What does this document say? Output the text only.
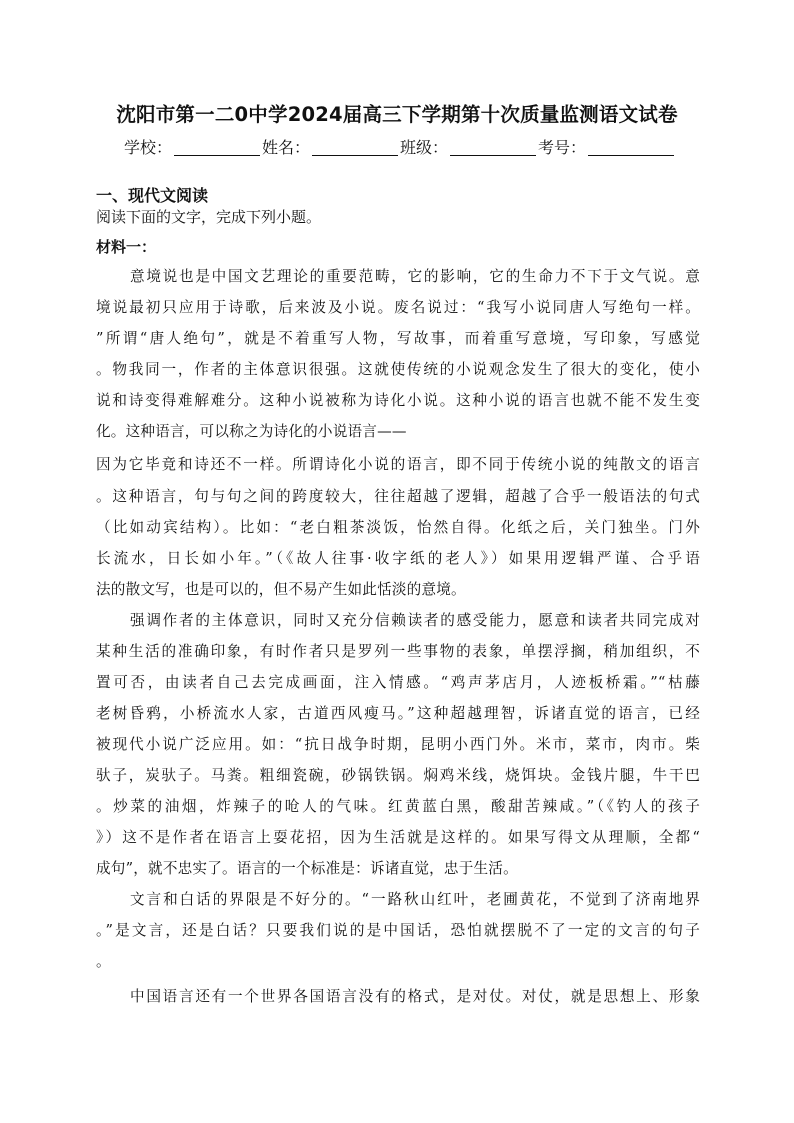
沈阳市第一二0中学2024届高三下学期第十次质量监测语文试卷
学校：	姓名：	班级：	考号：
一、现代文阅读
阅读下面的文字，完成下列小题。
材料一：
意境说也是中国文艺理论的重要范畴，它的影响，它的生命力不下于文气说。意
境说最初只应用于诗歌，后来波及小说。废名说过：“我写小说同唐人写绝句一样。
”所谓“唐人绝句”，就是不着重写人物，写故事，而着重写意境，写印象，写感觉
。物我同一，作者的主体意识很强。这就使传统的小说观念发生了很大的变化，使小
说和诗变得难解难分。这种小说被称为诗化小说。这种小说的语言也就不能不发生变
化。这种语言，可以称之为诗化的小说语言——
因为它毕竟和诗还不一样。所谓诗化小说的语言，即不同于传统小说的纯散文的语言
。这种语言，句与句之间的跨度较大，往往超越了逻辑，超越了合乎一般语法的句式
（比如动宾结构）。比如：“老白粗茶淡饭，怡然自得。化纸之后，关门独坐。门外
长流水，日长如小年。”（《故人往事·收字纸的老人》）如果用逻辑严谨、合乎语
法的散文写，也是可以的，但不易产生如此恬淡的意境。
强调作者的主体意识，同时又充分信赖读者的感受能力，愿意和读者共同完成对
某种生活的准确印象，有时作者只是罗列一些事物的表象，单摆浮搁，稍加组织，不
置可否，由读者自己去完成画面，注入情感。“鸡声茅店月，人迹板桥霜。”“枯藤
老树昏鸦，小桥流水人家，古道西风瘦马。”这种超越理智，诉诸直觉的语言，已经
被现代小说广泛应用。如：“抗日战争时期，昆明小西门外。米市，菜市，肉市。柴
驮子，炭驮子。马粪。粗细瓷碗，砂锅铁锅。焖鸡米线，烧饵块。金钱片腿，牛干巴
。炒菜的油烟，炸辣子的呛人的气味。红黄蓝白黑，酸甜苦辣咸。”（《钓人的孩子
》）这不是作者在语言上耍花招，因为生活就是这样的。如果写得文从理顺，全都“
成句”，就不忠实了。语言的一个标准是：诉诸直觉，忠于生活。
文言和白话的界限是不好分的。“一路秋山红叶，老圃黄花，不觉到了济南地界
。”是文言，还是白话？只要我们说的是中国话，恐怕就摆脱不了一定的文言的句子
。
中国语言还有一个世界各国语言没有的格式，是对仗。对仗，就是思想上、形象
